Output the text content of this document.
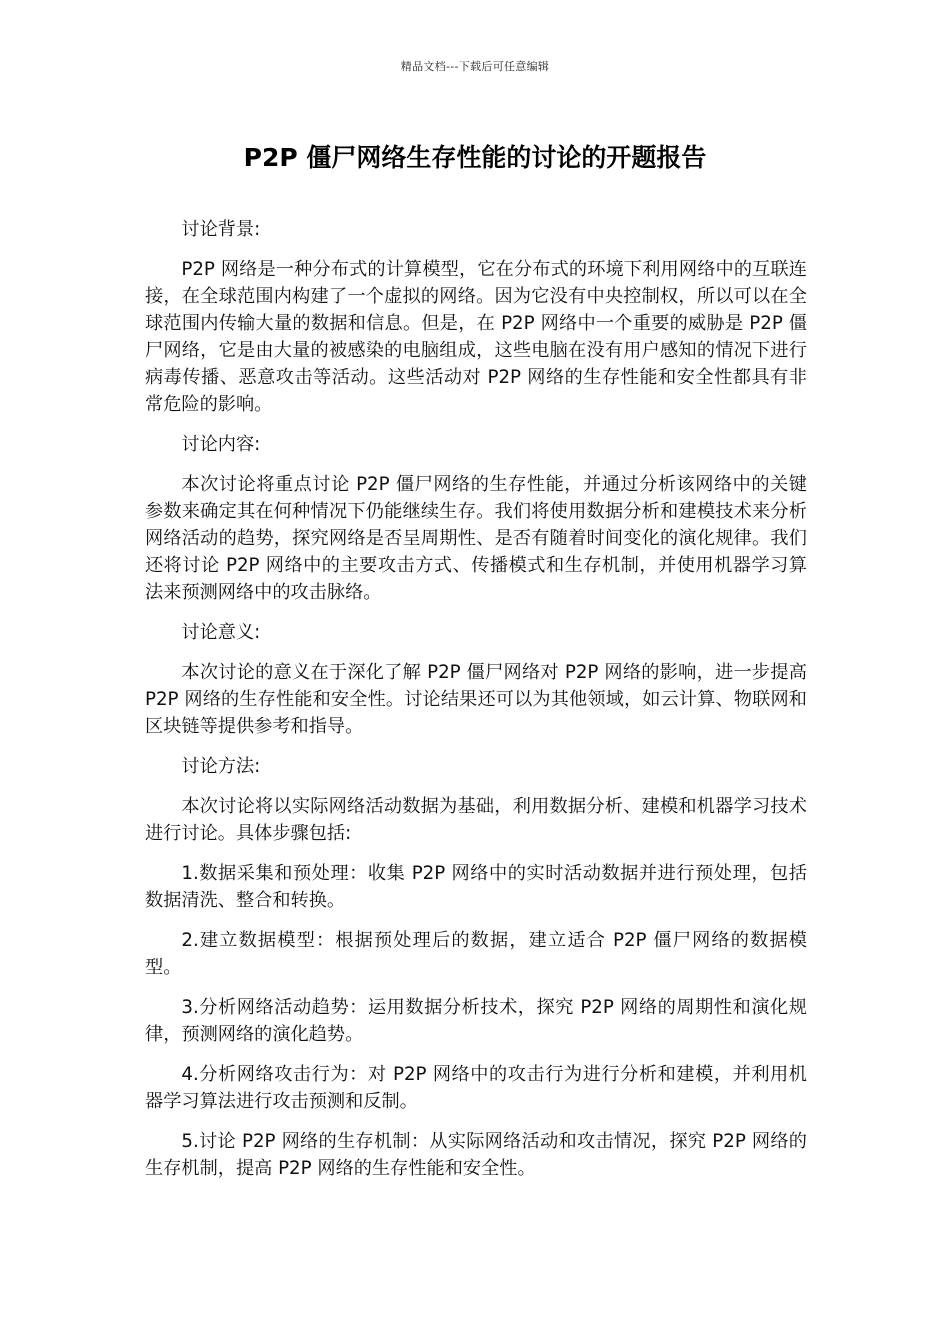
精品文档---下载后可任意编辑
P2P 僵尸网络生存性能的讨论的开题报告

讨论背景:

P2P 网络是一种分布式的计算模型，它在分布式的环境下利用网络中的互联连接，在全球范围内构建了一个虚拟的网络。因为它没有中央控制权，所以可以在全球范围内传输大量的数据和信息。但是，在 P2P 网络中一个重要的威胁是 P2P 僵尸网络，它是由大量的被感染的电脑组成，这些电脑在没有用户感知的情况下进行病毒传播、恶意攻击等活动。这些活动对 P2P 网络的生存性能和安全性都具有非常危险的影响。

讨论内容:

本次讨论将重点讨论 P2P 僵尸网络的生存性能，并通过分析该网络中的关键参数来确定其在何种情况下仍能继续生存。我们将使用数据分析和建模技术来分析网络活动的趋势，探究网络是否呈周期性、是否有随着时间变化的演化规律。我们还将讨论 P2P 网络中的主要攻击方式、传播模式和生存机制，并使用机器学习算法来预测网络中的攻击脉络。

讨论意义:

本次讨论的意义在于深化了解 P2P 僵尸网络对 P2P 网络的影响，进一步提高 P2P 网络的生存性能和安全性。讨论结果还可以为其他领域，如云计算、物联网和区块链等提供参考和指导。

讨论方法:

本次讨论将以实际网络活动数据为基础，利用数据分析、建模和机器学习技术进行讨论。具体步骤包括:

1.数据采集和预处理：收集 P2P 网络中的实时活动数据并进行预处理，包括数据清洗、整合和转换。

2.建立数据模型：根据预处理后的数据，建立适合 P2P 僵尸网络的数据模型。

3.分析网络活动趋势：运用数据分析技术，探究 P2P 网络的周期性和演化规律，预测网络的演化趋势。

4.分析网络攻击行为：对 P2P 网络中的攻击行为进行分析和建模，并利用机器学习算法进行攻击预测和反制。

5.讨论 P2P 网络的生存机制：从实际网络活动和攻击情况，探究 P2P 网络的生存机制，提高 P2P 网络的生存性能和安全性。
